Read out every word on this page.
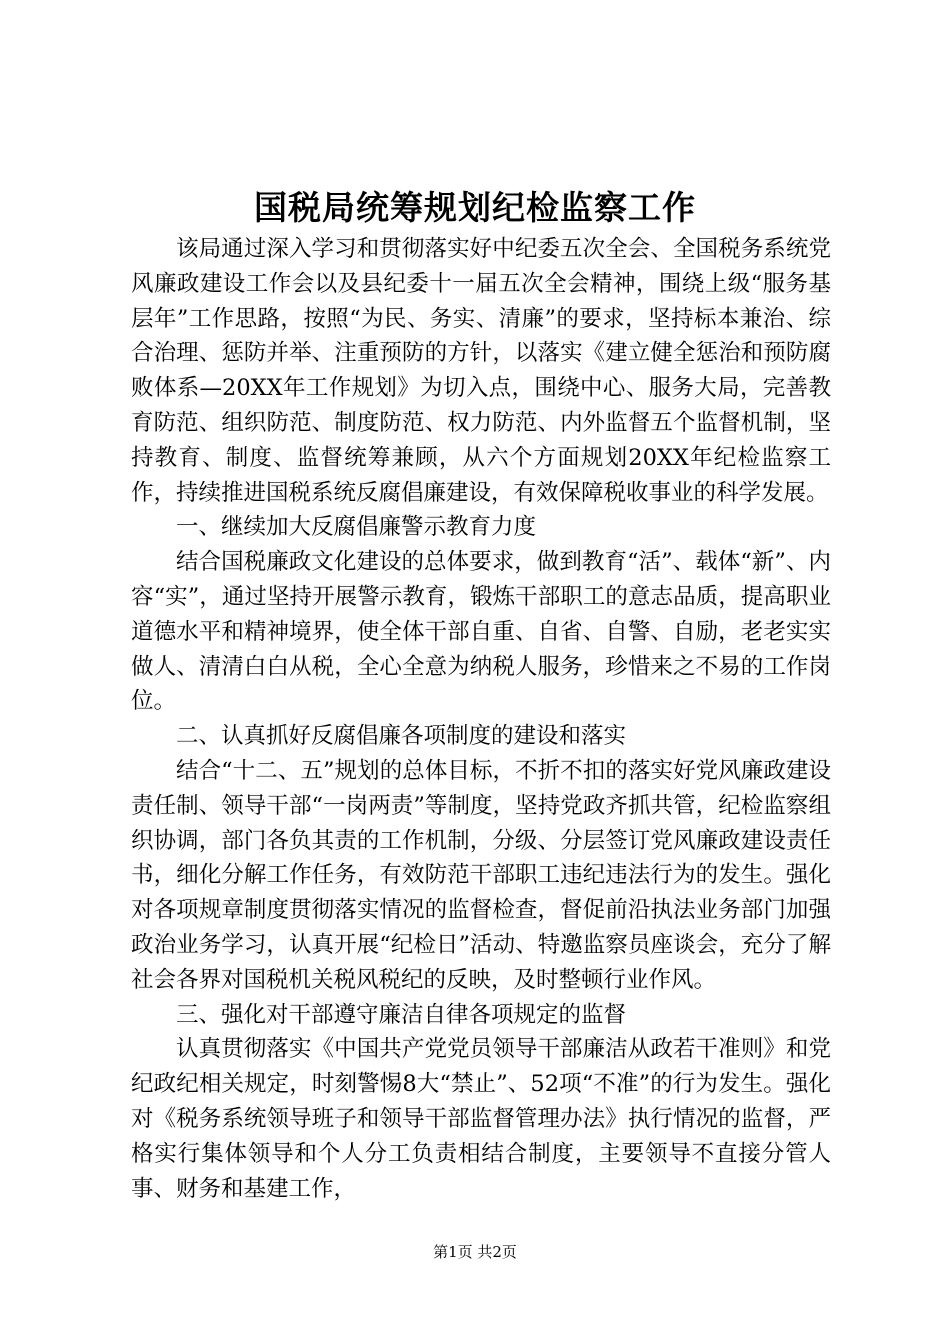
国税局统筹规划纪检监察工作

该局通过深入学习和贯彻落实好中纪委五次全会、全国税务系统党风廉政建设工作会以及县纪委十一届五次全会精神，围绕上级“服务基层年”工作思路，按照“为民、务实、清廉”的要求，坚持标本兼治、综合治理、惩防并举、注重预防的方针，以落实《建立健全惩治和预防腐败体系—20XX年工作规划》为切入点，围绕中心、服务大局，完善教育防范、组织防范、制度防范、权力防范、内外监督五个监督机制，坚持教育、制度、监督统筹兼顾，从六个方面规划20XX年纪检监察工作，持续推进国税系统反腐倡廉建设，有效保障税收事业的科学发展。

一、继续加大反腐倡廉警示教育力度

结合国税廉政文化建设的总体要求，做到教育“活”、载体“新”、内容“实”，通过坚持开展警示教育，锻炼干部职工的意志品质，提高职业道德水平和精神境界，使全体干部自重、自省、自警、自励，老老实实做人、清清白白从税，全心全意为纳税人服务，珍惜来之不易的工作岗位。

二、认真抓好反腐倡廉各项制度的建设和落实

结合“十二、五”规划的总体目标，不折不扣的落实好党风廉政建设责任制、领导干部“一岗两责”等制度，坚持党政齐抓共管，纪检监察组织协调，部门各负其责的工作机制，分级、分层签订党风廉政建设责任书，细化分解工作任务，有效防范干部职工违纪违法行为的发生。强化对各项规章制度贯彻落实情况的监督检查，督促前沿执法业务部门加强政治业务学习，认真开展“纪检日”活动、特邀监察员座谈会，充分了解社会各界对国税机关税风税纪的反映，及时整顿行业作风。

三、强化对干部遵守廉洁自律各项规定的监督

认真贯彻落实《中国共产党党员领导干部廉洁从政若干准则》和党纪政纪相关规定，时刻警惕8大“禁止”、52项“不准”的行为发生。强化对《税务系统领导班子和领导干部监督管理办法》执行情况的监督，严格实行集体领导和个人分工负责相结合制度，主要领导不直接分管人事、财务和基建工作，

第1页 共2页
